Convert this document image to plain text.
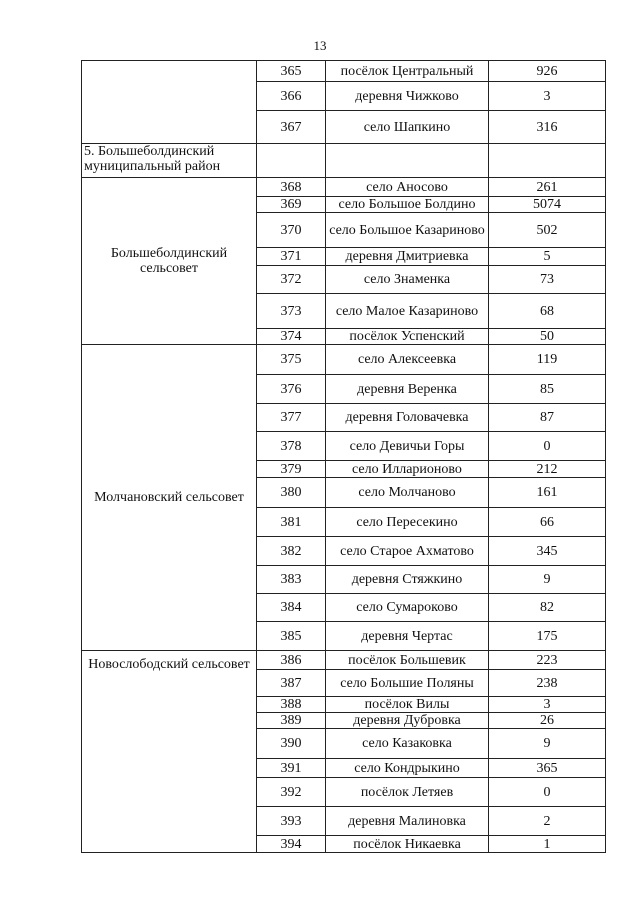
13
	365	посёлок Центральный	926
	366	деревня Чижково	3
	367	село Шапкино	316
5. Большеболдинский муниципальный район			
Большеболдинский сельсовет	368	село Аносово	261
	369	село Большое Болдино	5074
	370	село Большое Казариново	502
	371	деревня Дмитриевка	5
	372	село Знаменка	73
	373	село Малое Казариново	68
	374	посёлок Успенский	50
Молчановский сельсовет	375	село Алексеевка	119
	376	деревня Веренка	85
	377	деревня Головачевка	87
	378	село Девичьи Горы	0
	379	село Илларионово	212
	380	село Молчаново	161
	381	село Пересекино	66
	382	село Старое Ахматово	345
	383	деревня Стяжкино	9
	384	село Сумароково	82
	385	деревня Чертас	175
Новослободский сельсовет	386	посёлок Большевик	223
	387	село Большие Поляны	238
	388	посёлок Вилы	3
	389	деревня Дубровка	26
	390	село Казаковка	9
	391	село Кондрыкино	365
	392	посёлок Летяев	0
	393	деревня Малиновка	2
	394	посёлок Никаевка	1
